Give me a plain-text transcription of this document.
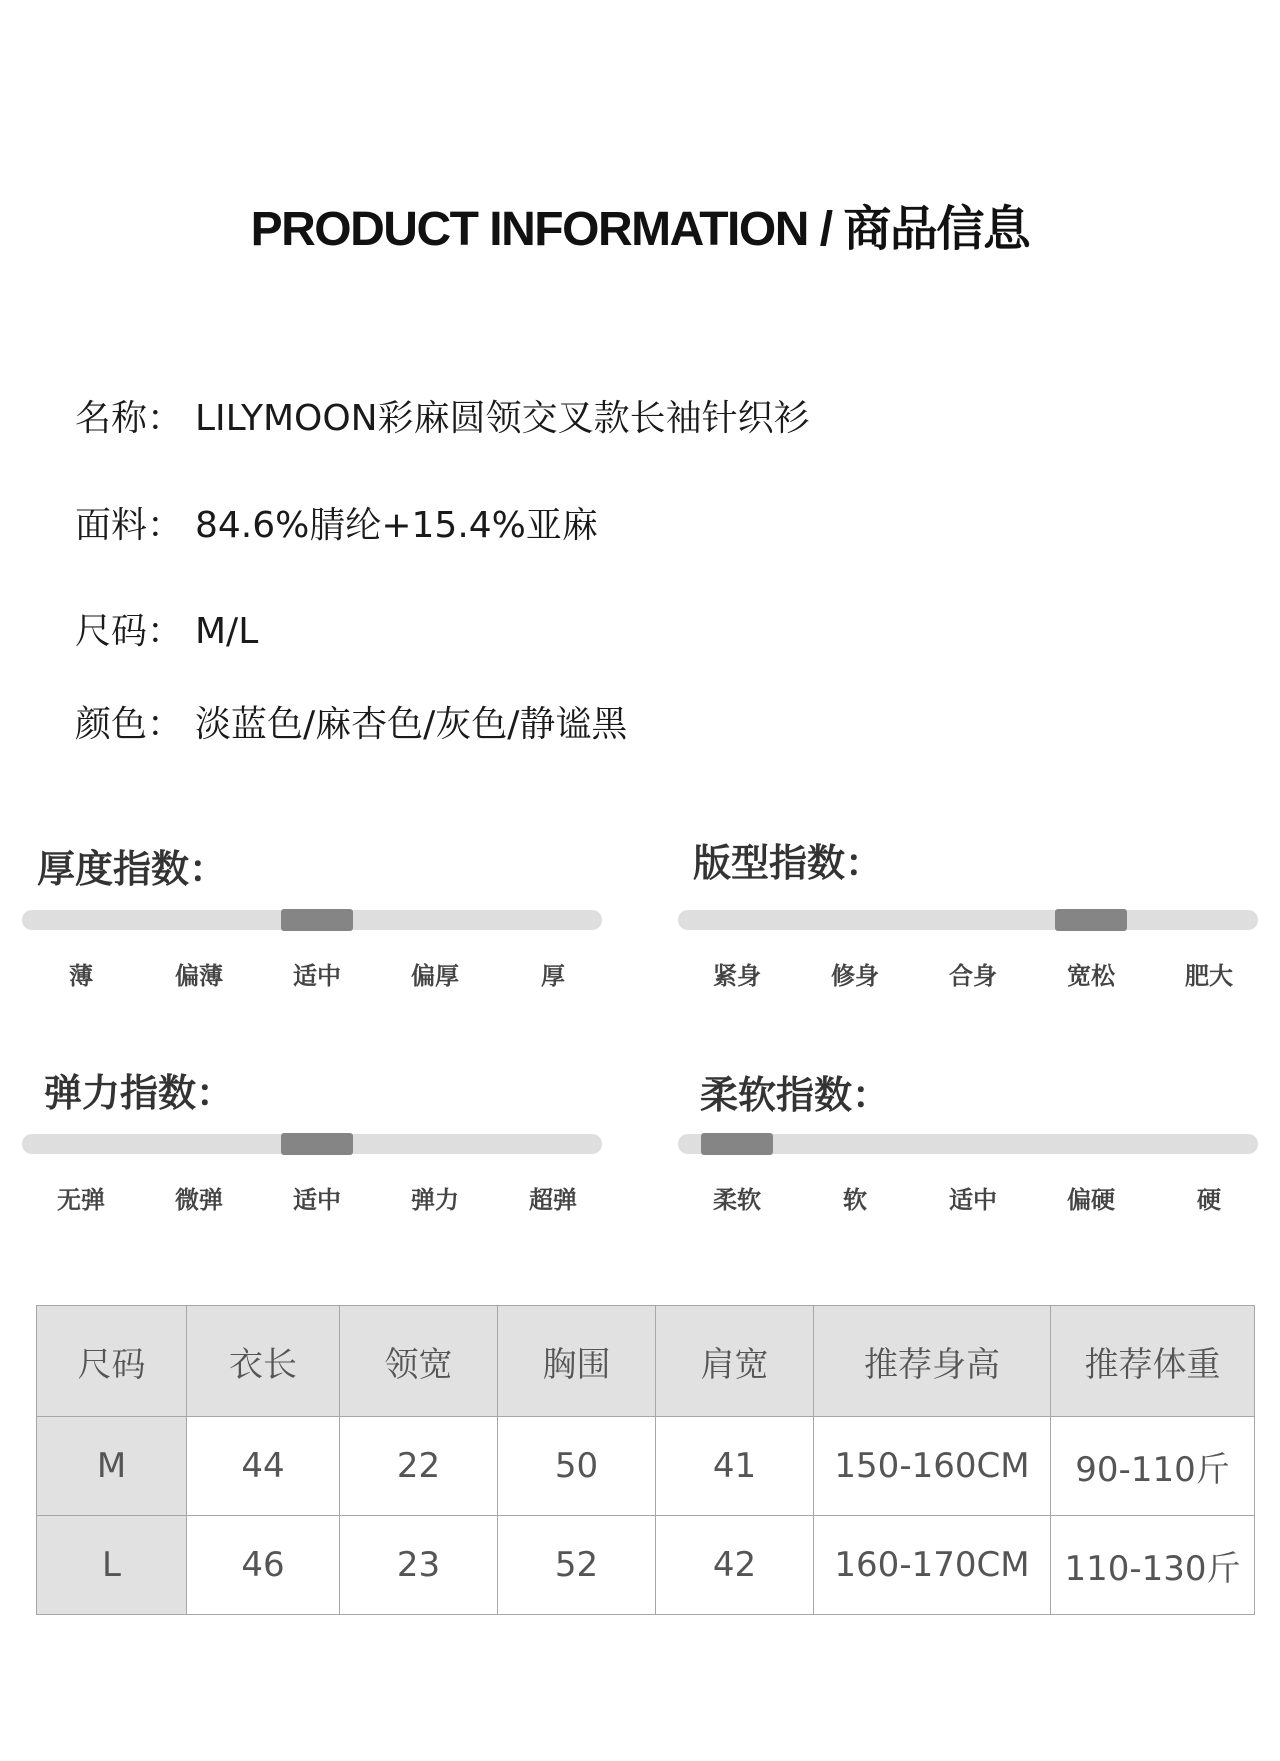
PRODUCT INFORMATION / 商品信息
名称： LILYMOON彩麻圆领交叉款长袖针织衫
面料： 84.6%腈纶+15.4%亚麻
尺码： M/L
颜色： 淡蓝色/麻杏色/灰色/静谧黑
厚度指数：
薄	偏薄	适中	偏厚	厚
版型指数：
紧身	修身	合身	宽松	肥大
弹力指数：
无弹	微弹	适中	弹力	超弹
柔软指数：
柔软	软	适中	偏硬	硬
尺码	衣长	领宽	胸围	肩宽	推荐身高	推荐体重
M	44	22	50	41	150-160CM	90-110斤
L	46	23	52	42	160-170CM	110-130斤
